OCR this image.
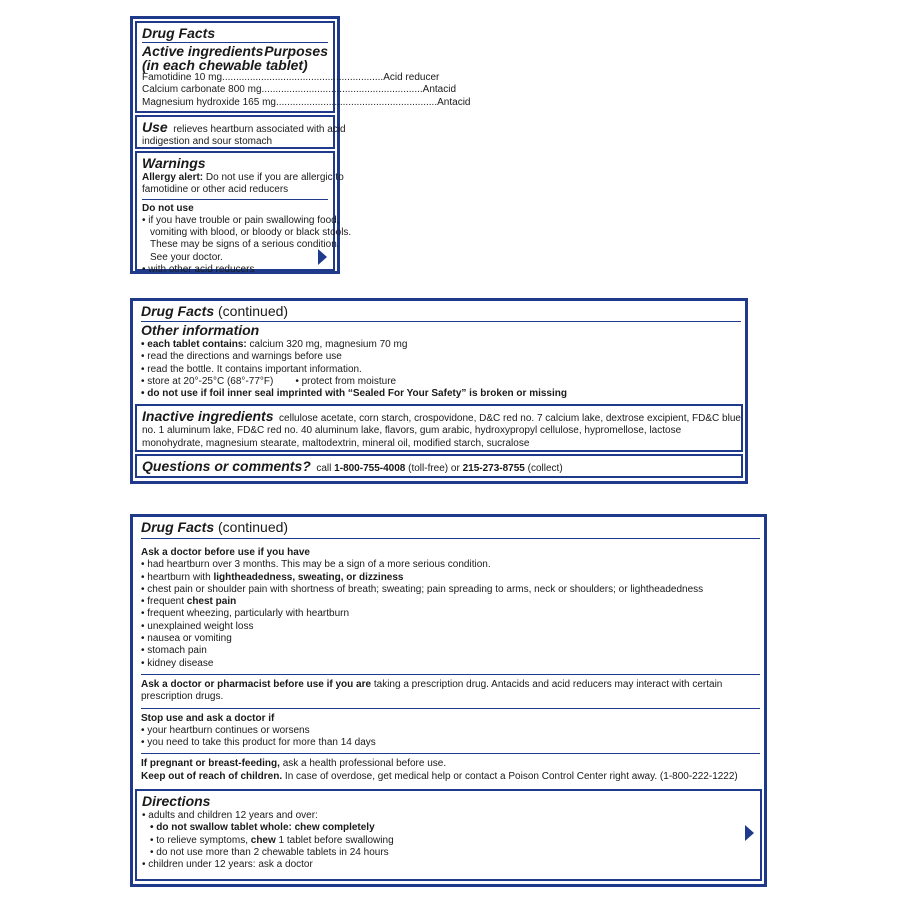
Drug Facts
Active ingredients Purposes
(in each chewable tablet)
Famotidine 10 mg .......................................................... Acid reducer
Calcium carbonate 800 mg .......................................................... Antacid
Magnesium hydroxide 165 mg .......................................................... Antacid
Use relieves heartburn associated with acid
indigestion and sour stomach
Warnings
Allergy alert: Do not use if you are allergic to
famotidine or other acid reducers
Do not use
• if you have trouble or pain swallowing food,
vomiting with blood, or bloody or black stools.
These may be signs of a serious condition.
See your doctor.
• with other acid reducers
Drug Facts (continued)
Other information
• each tablet contains: calcium 320 mg, magnesium 70 mg
• read the directions and warnings before use
• read the bottle. It contains important information.
• store at 20°-25°C (68°-77°F) • protect from moisture
• do not use if foil inner seal imprinted with “Sealed For Your Safety” is broken or missing
Inactive ingredients cellulose acetate, corn starch, crospovidone, D&C red no. 7 calcium lake, dextrose excipient, FD&C blue
no. 1 aluminum lake, FD&C red no. 40 aluminum lake, flavors, gum arabic, hydroxypropyl cellulose, hypromellose, lactose
monohydrate, magnesium stearate, maltodextrin, mineral oil, modified starch, sucralose
Questions or comments? call 1-800-755-4008 (toll-free) or 215-273-8755 (collect)
Drug Facts (continued)
Ask a doctor before use if you have
• had heartburn over 3 months. This may be a sign of a more serious condition.
• heartburn with lightheadedness, sweating, or dizziness
• chest pain or shoulder pain with shortness of breath; sweating; pain spreading to arms, neck or shoulders; or lightheadedness
• frequent chest pain
• frequent wheezing, particularly with heartburn
• unexplained weight loss
• nausea or vomiting
• stomach pain
• kidney disease
Ask a doctor or pharmacist before use if you are taking a prescription drug. Antacids and acid reducers may interact with certain
prescription drugs.
Stop use and ask a doctor if
• your heartburn continues or worsens
• you need to take this product for more than 14 days
If pregnant or breast-feeding, ask a health professional before use.
Keep out of reach of children. In case of overdose, get medical help or contact a Poison Control Center right away. (1-800-222-1222)
Directions
• adults and children 12 years and over:
• do not swallow tablet whole: chew completely
• to relieve symptoms, chew 1 tablet before swallowing
• do not use more than 2 chewable tablets in 24 hours
• children under 12 years: ask a doctor
